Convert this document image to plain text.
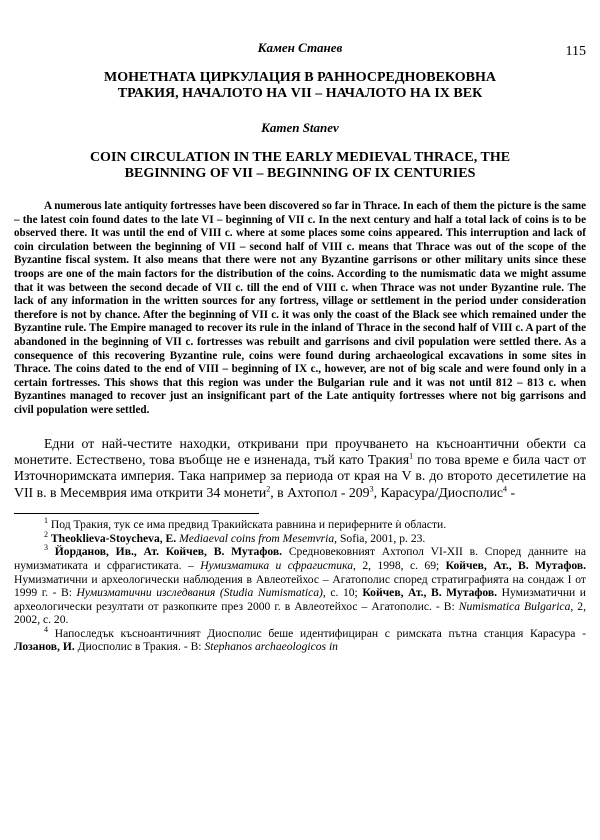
115
Камен Станев
МОНЕТНАТА ЦИРКУЛАЦИЯ В РАННОСРЕДНОВЕКОВНА
ТРАКИЯ, НАЧАЛОТО НА VII – НАЧАЛОТО НА IX ВЕК
Kamen Stanev
COIN CIRCULATION IN THE EARLY MEDIEVAL THRACE, THE
BEGINNING OF VII – BEGINNING OF IX CENTURIES

A numerous late antiquity fortresses have been discovered so far in Thrace. In each of them the picture is the same – the latest coin found dates to the late VI – beginning of VII c. In the next century and half a total lack of coins is to be observed there. It was until the end of VIII c. where at some places some coins appeared. This interruption and lack of coin circulation between the beginning of VII – second half of VIII c. means that Thrace was out of the scope of the Byzantine fiscal system. It also means that there were not any Byzantine garrisons or other military units since these troops are one of the main factors for the distribution of the coins. According to the numismatic data we might assume that it was between the second decade of VII c. till the end of VIII c. when Thrace was not under Byzantine rule. The lack of any information in the written sources for any fortress, village or settlement in the period under consideration therefore is not by chance. After the beginning of VII c. it was only the coast of the Black see which remained under the Byzantine rule. The Empire managed to recover its rule in the inland of Thrace in the second half of VIII c. A part of the abandoned in the beginning of VII c. fortresses was rebuilt and garrisons and civil population were settled there. As a consequence of this recovering Byzantine rule, coins were found during archaeological excavations in some sites in Thrace. The coins dated to the end of VIII – beginning of IX c., however, are not of big scale and were found only in a certain fortresses. This shows that this region was under the Bulgarian rule and it was not until 812 – 813 c. when Byzantines managed to recover just an insignificant part of the Late antiquity fortresses where not big garrisons and civil population were settled.

Едни от най-честите находки, откривани при проучването на късноантични обекти са монетите. Естествено, това въобще не е изненада, тъй като Тракия$^1$ по това време е била част от Източноримската империя. Така например за периода от края на V в. до второто десетилетие на VII в. в Месемврия има открити 34 монети$^2$, в Ахтопол - $209^3$, Карасура/Диосполис$^4$ -

$^1$ Под Тракия, тук се има предвид Тракийската равнина и периферните ѝ области.

$^2$ Theoklieva-Stoycheva, E. Mediaeval coins from Mesemvria, Sofia, 2001, p. 23.

$^3$ Йорданов, Ив., Ат. Койчев, В. Мутафов. Средновековният Ахтопол VI-XII в. Според данните на нумизматиката и сфрагистиката. – Нумизматика и сфрагистика, 2, 1998, с. 69; Койчев, Ат., В. Мутафов. Нумизматични и археологически наблюдения в Авлеотейхос – Агатополис според стратиграфията на сондаж I от 1999 г. - В: Нумизматични изследвания (Studia Numismatica), с. 10; Койчев, Ат., В. Мутафов. Нумизматични и археологически резултати от разкопките през 2000 г. в Авлеотейхос – Агатополис. - В: Numismatica Bulgarica, 2, 2002, с. 20.

$^4$ Напоследък късноантичният Диосполис беше идентифициран с римската пътна станция Карасура - Лозанов, И. Диосполис в Тракия. - В: Stephanos archaeologicos in
